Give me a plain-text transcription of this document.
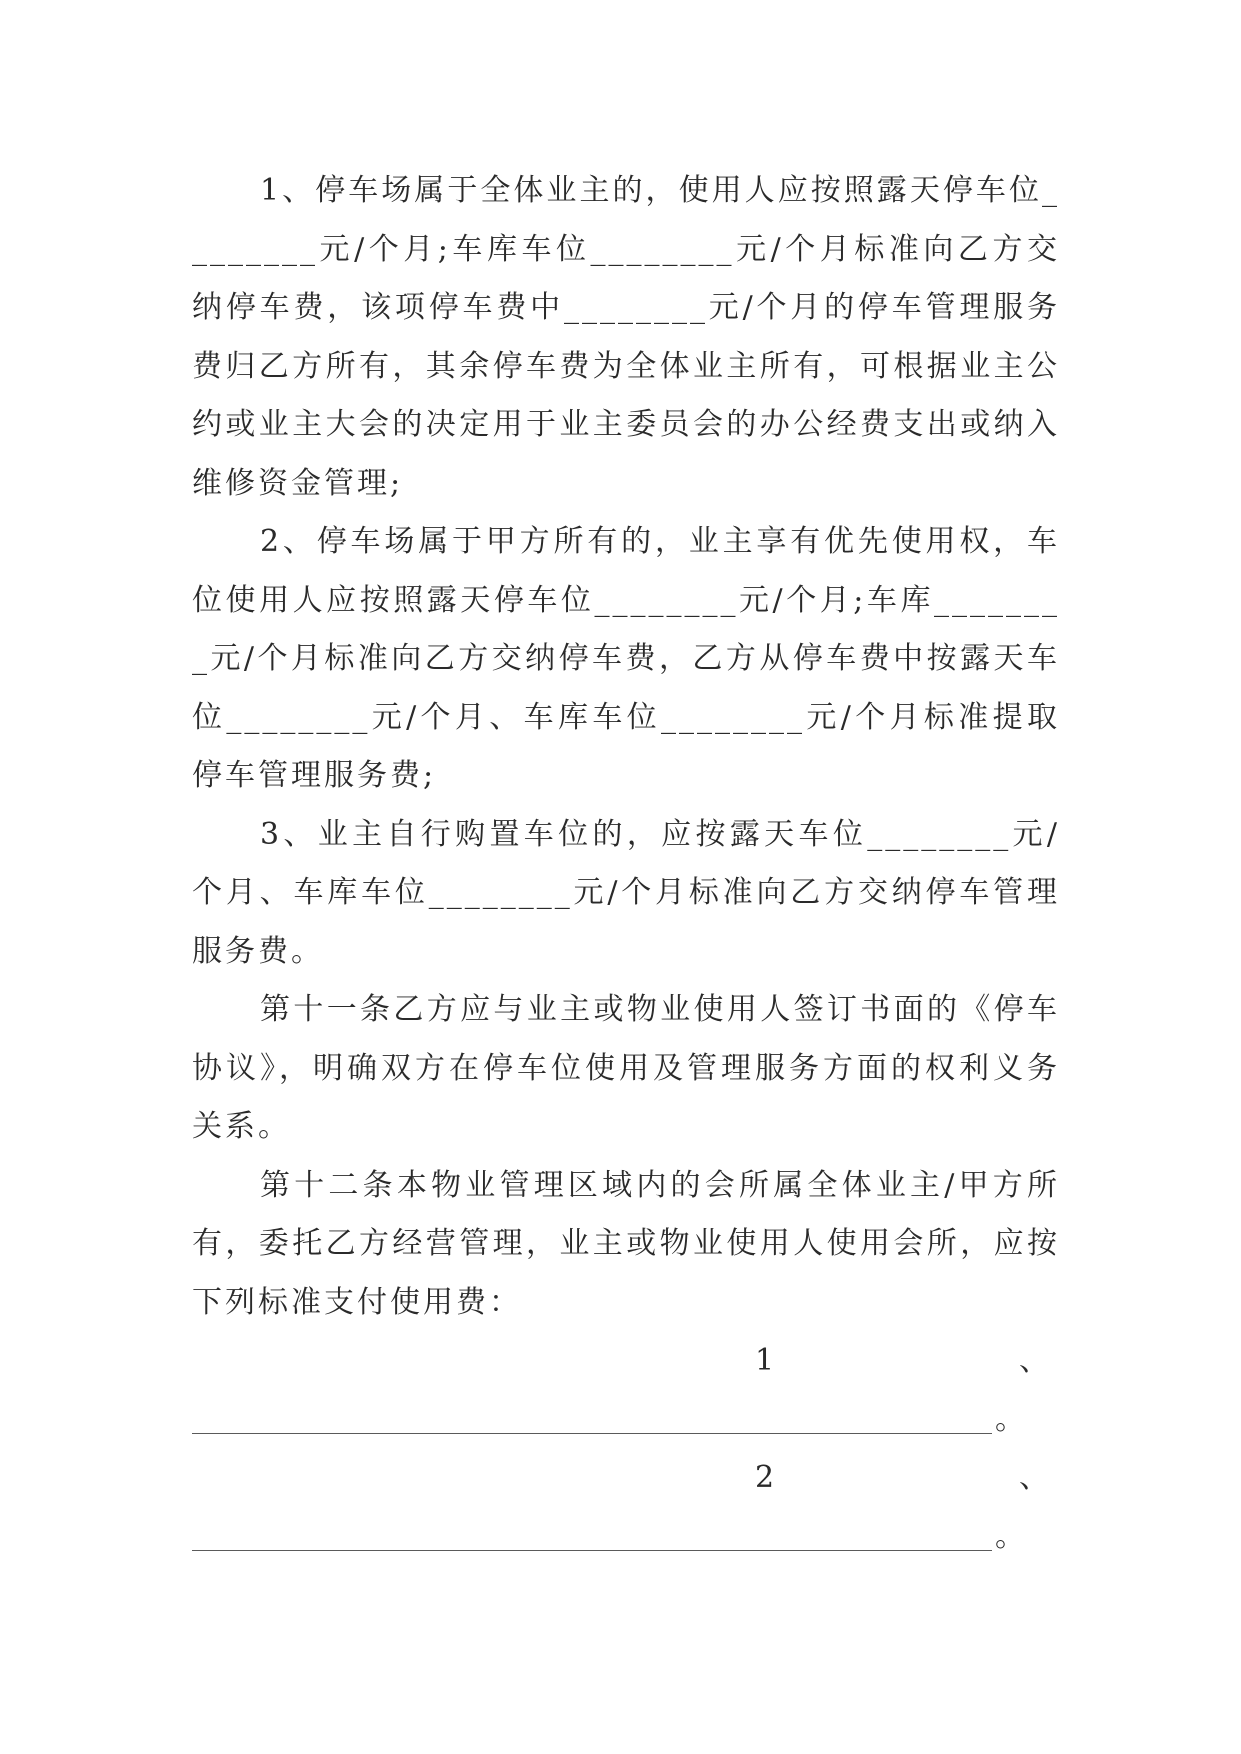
1、停车场属于全体业主的，使用人应按照露天停车位________元/个月;车库车位________元/个月标准向乙方交纳停车费，该项停车费中________元/个月的停车管理服务费归乙方所有，其余停车费为全体业主所有，可根据业主公约或业主大会的决定用于业主委员会的办公经费支出或纳入维修资金管理;

2、停车场属于甲方所有的，业主享有优先使用权，车位使用人应按照露天停车位________元/个月;车库________元/个月标准向乙方交纳停车费，乙方从停车费中按露天车位________元/个月、车库车位________元/个月标准提取停车管理服务费;

3、业主自行购置车位的，应按露天车位________元/个月、车库车位________元/个月标准向乙方交纳停车管理服务费。

第十一条乙方应与业主或物业使用人签订书面的《停车协议》，明确双方在停车位使用及管理服务方面的权利义务关系。

第十二条本物业管理区域内的会所属全体业主/甲方所有，委托乙方经营管理，业主或物业使用人使用会所，应按下列标准支付使用费：

1	、
。
2	、
。
